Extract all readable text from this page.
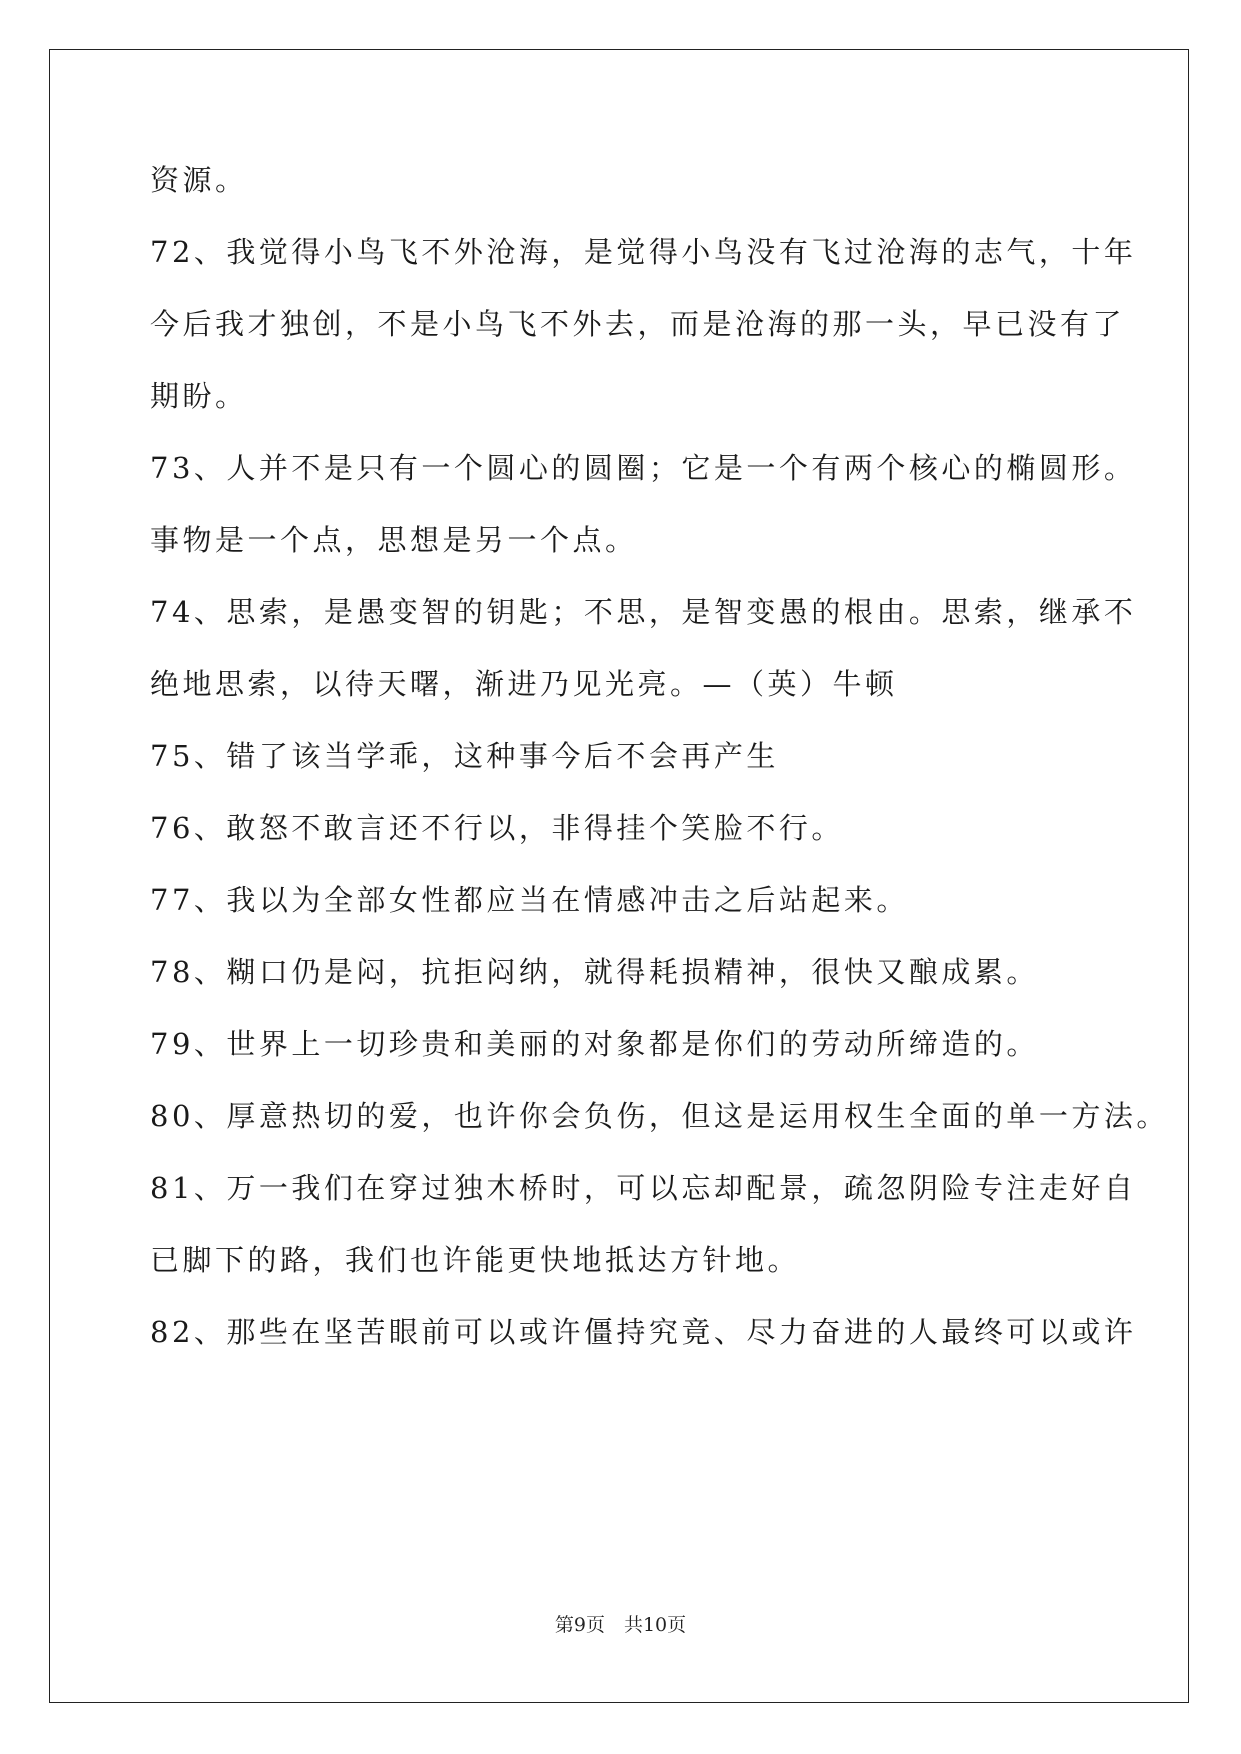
资源。
72、我觉得小鸟飞不外沧海，是觉得小鸟没有飞过沧海的志气，十年
今后我才独创，不是小鸟飞不外去，而是沧海的那一头，早已没有了
期盼。
73、人并不是只有一个圆心的圆圈；它是一个有两个核心的椭圆形。
事物是一个点，思想是另一个点。
74、思索，是愚变智的钥匙；不思，是智变愚的根由。思索，继承不
绝地思索，以待天曙，渐进乃见光亮。—（英）牛顿
75、错了该当学乖，这种事今后不会再产生
76、敢怒不敢言还不行以，非得挂个笑脸不行。
77、我以为全部女性都应当在情感冲击之后站起来。
78、糊口仍是闷，抗拒闷纳，就得耗损精神，很快又酿成累。
79、世界上一切珍贵和美丽的对象都是你们的劳动所缔造的。
80、厚意热切的爱，也许你会负伤，但这是运用权生全面的单一方法。
81、万一我们在穿过独木桥时，可以忘却配景，疏忽阴险专注走好自
已脚下的路，我们也许能更快地抵达方针地。
82、那些在坚苦眼前可以或许僵持究竟、尽力奋进的人最终可以或许
第9页　共10页
